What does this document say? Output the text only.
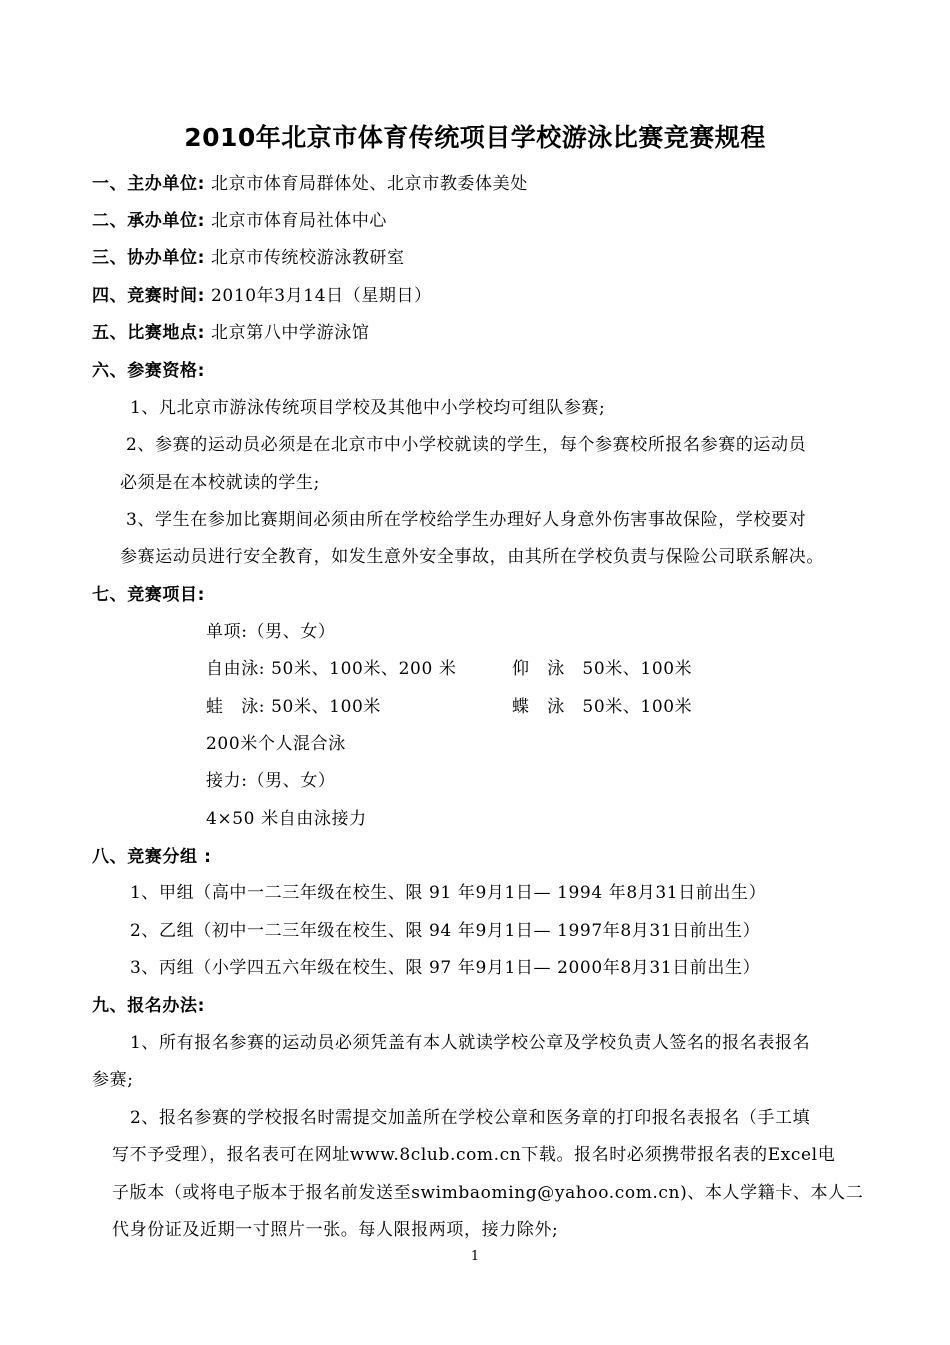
2010年北京市体育传统项目学校游泳比赛竞赛规程
一、主办单位: 北京市体育局群体处、北京市教委体美处
二、承办单位: 北京市体育局社体中心
三、协办单位: 北京市传统校游泳教研室
四、竞赛时间: 2010年3月14日（星期日）
五、比赛地点: 北京第八中学游泳馆
六、参赛资格:
1、凡北京市游泳传统项目学校及其他中小学校均可组队参赛;
2、参赛的运动员必须是在北京市中小学校就读的学生，每个参赛校所报名参赛的运动员
必须是在本校就读的学生;
3、学生在参加比赛期间必须由所在学校给学生办理好人身意外伤害事故保险，学校要对
参赛运动员进行安全教育，如发生意外安全事故，由其所在学校负责与保险公司联系解决。
七、竞赛项目:
单项:（男、女）
自由泳: 50米、100米、200 米	仰　泳　50米、100米
蛙　泳: 50米、100米	蝶　泳　50米、100米
200米个人混合泳
接力:（男、女）
4×50 米自由泳接力
八、竞赛分组 :
1、甲组（高中一二三年级在校生、限 91 年9月1日— 1994 年8月31日前出生）
2、乙组（初中一二三年级在校生、限 94 年9月1日— 1997年8月31日前出生）
3、丙组（小学四五六年级在校生、限 97 年9月1日— 2000年8月31日前出生）
九、报名办法:
1、所有报名参赛的运动员必须凭盖有本人就读学校公章及学校负责人签名的报名表报名
参赛;
2、报名参赛的学校报名时需提交加盖所在学校公章和医务章的打印报名表报名（手工填
写不予受理），报名表可在网址www.8club.com.cn下载。报名时必须携带报名表的Excel电
子版本（或将电子版本于报名前发送至swimbaoming@yahoo.com.cn)、本人学籍卡、本人二
代身份证及近期一寸照片一张。每人限报两项，接力除外;
1
